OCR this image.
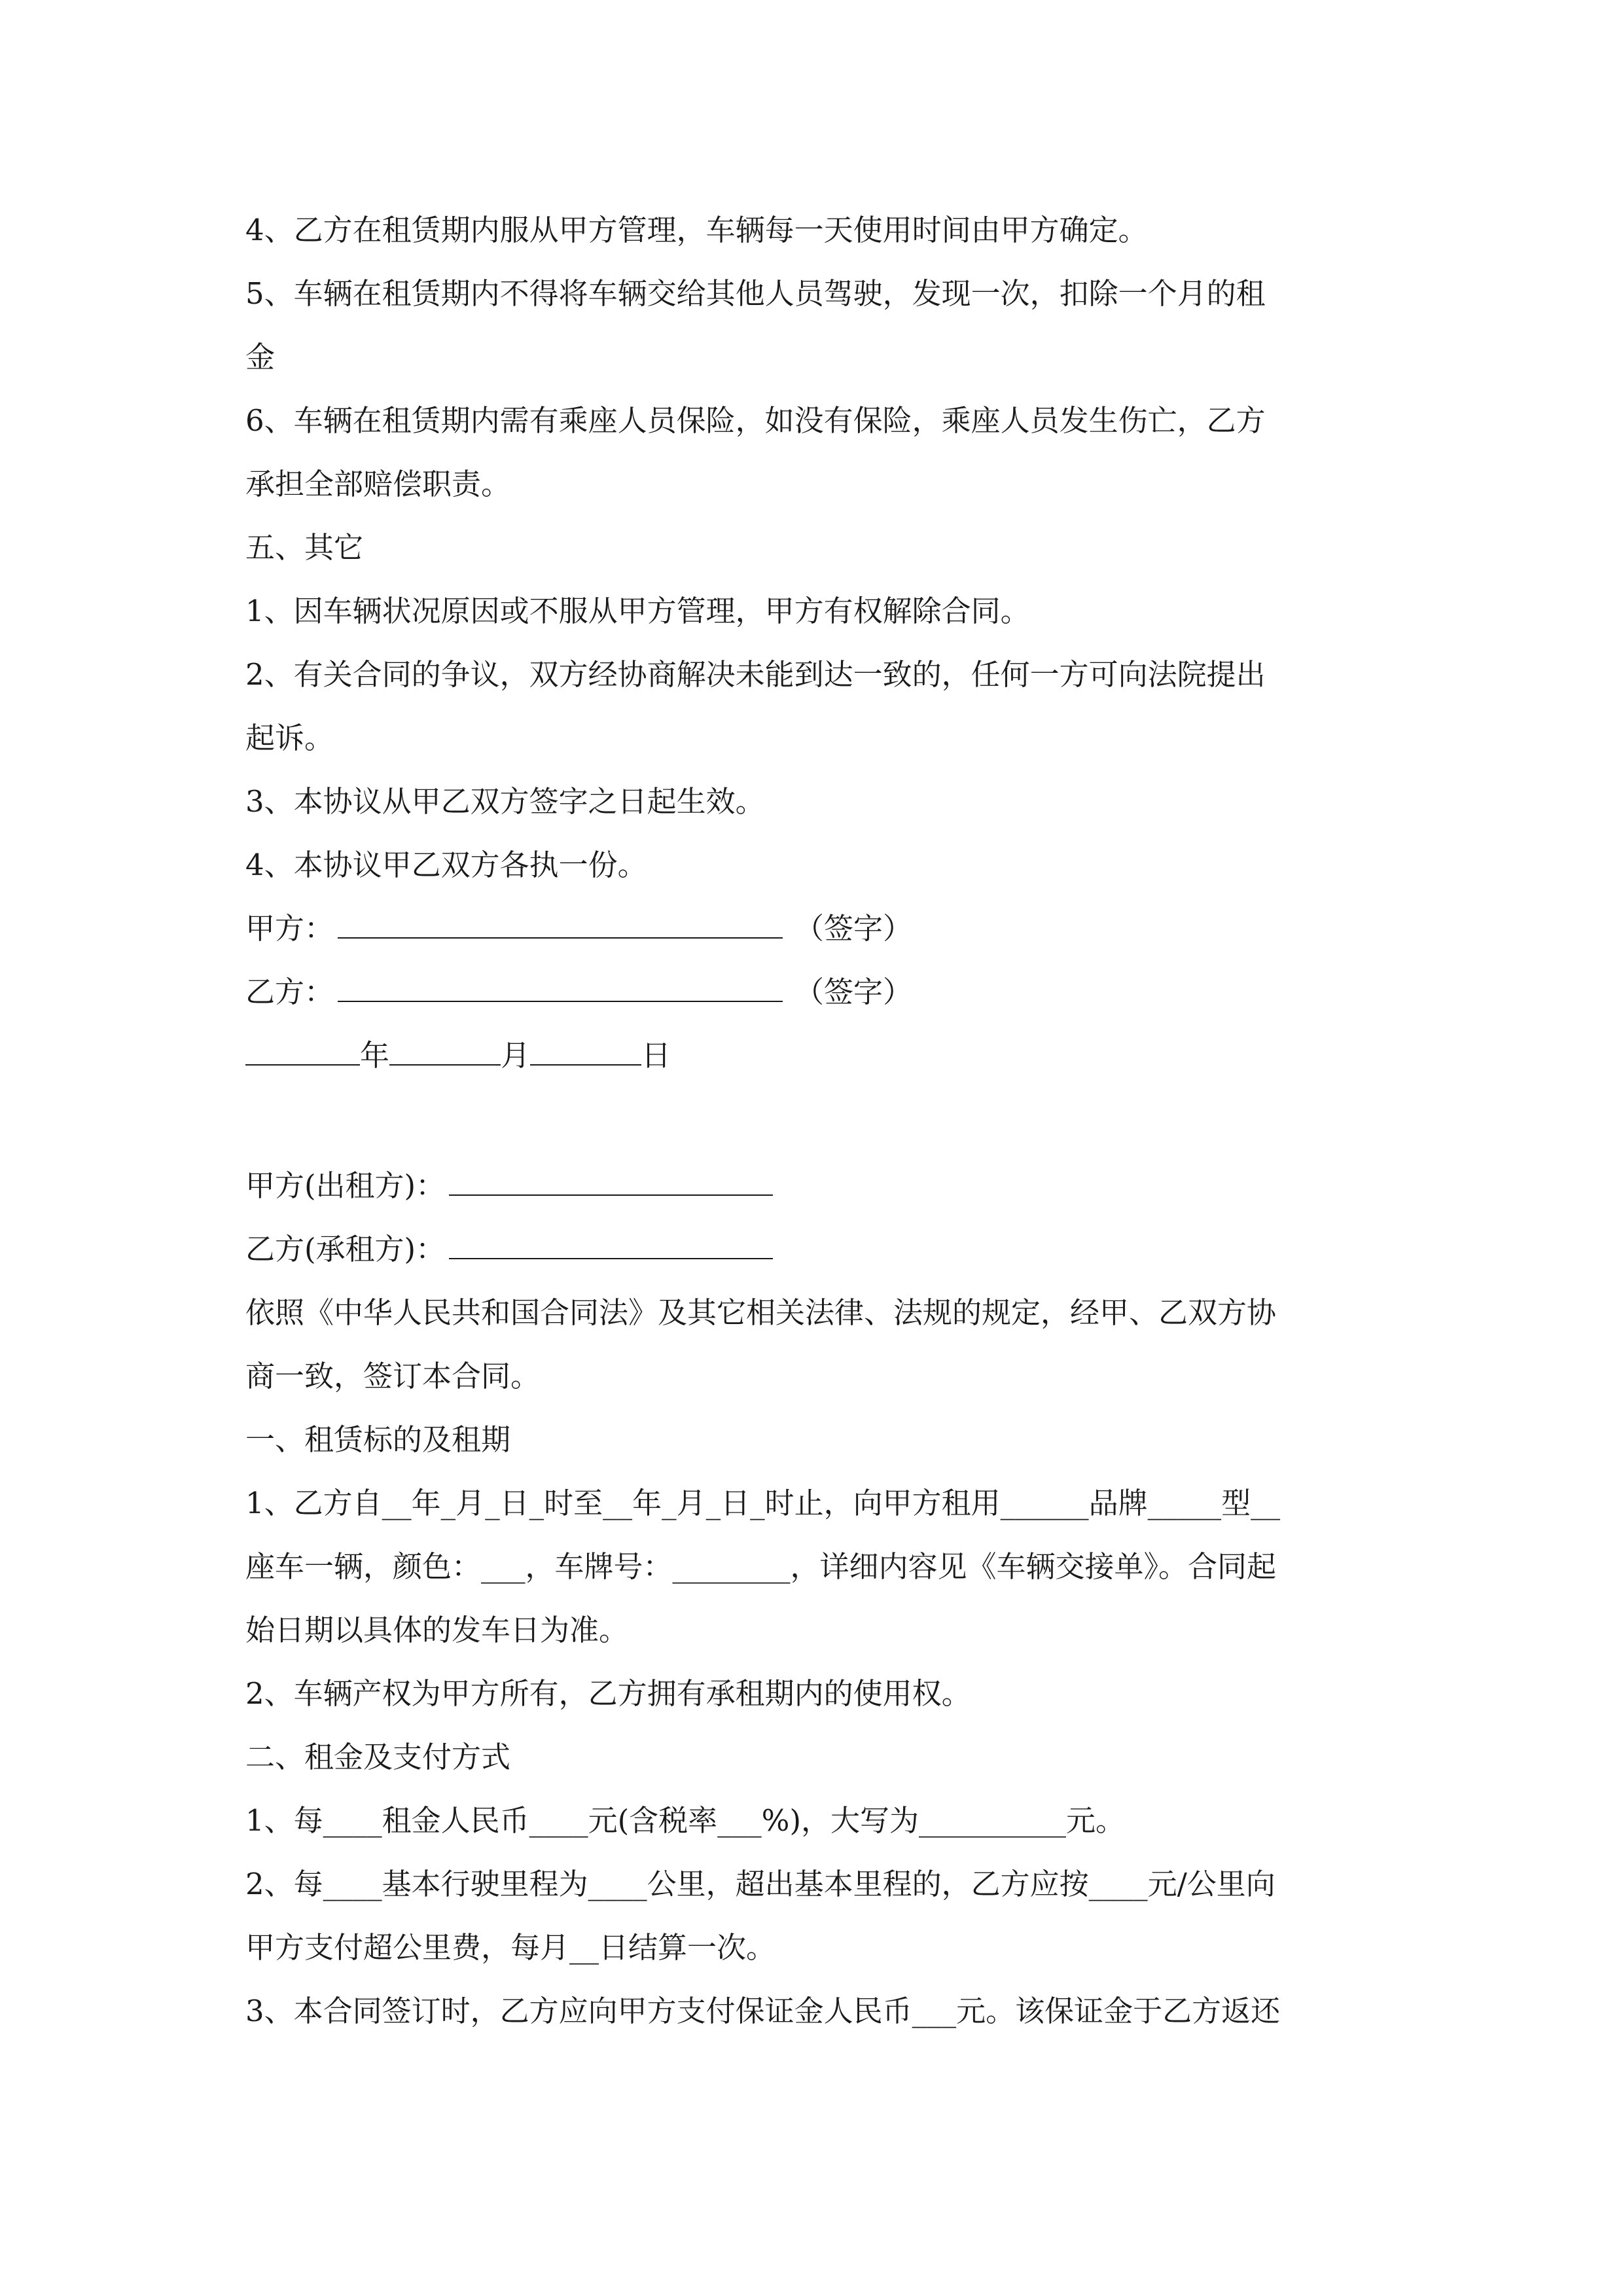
4、乙方在租赁期内服从甲方管理，车辆每一天使用时间由甲方确定。
5、车辆在租赁期内不得将车辆交给其他人员驾驶，发现一次，扣除一个月的租
金
6、车辆在租赁期内需有乘座人员保险，如没有保险，乘座人员发生伤亡，乙方
承担全部赔偿职责。
五、其它
1、因车辆状况原因或不服从甲方管理，甲方有权解除合同。
2、有关合同的争议，双方经协商解决未能到达一致的，任何一方可向法院提出
起诉。
3、本协议从甲乙双方签字之日起生效。
4、本协议甲乙双方各执一份。
甲方：	（签字）
乙方：	（签字）
年	月	日
甲方(出租方)：
乙方(承租方)：
依照《中华人民共和国合同法》及其它相关法律、法规的规定，经甲、乙双方协
商一致，签订本合同。
一、租赁标的及租期
1、乙方自__年_月_日_时至__年_月_日_时止，向甲方租用______品牌_____型__
座车一辆，颜色：___，车牌号：________，详细内容见《车辆交接单》。合同起
始日期以具体的发车日为准。
2、车辆产权为甲方所有，乙方拥有承租期内的使用权。
二、租金及支付方式
1、每____租金人民币____元(含税率___%)，大写为__________元。
2、每____基本行驶里程为____公里，超出基本里程的，乙方应按____元/公里向
甲方支付超公里费，每月__日结算一次。
3、本合同签订时，乙方应向甲方支付保证金人民币___元。该保证金于乙方返还
